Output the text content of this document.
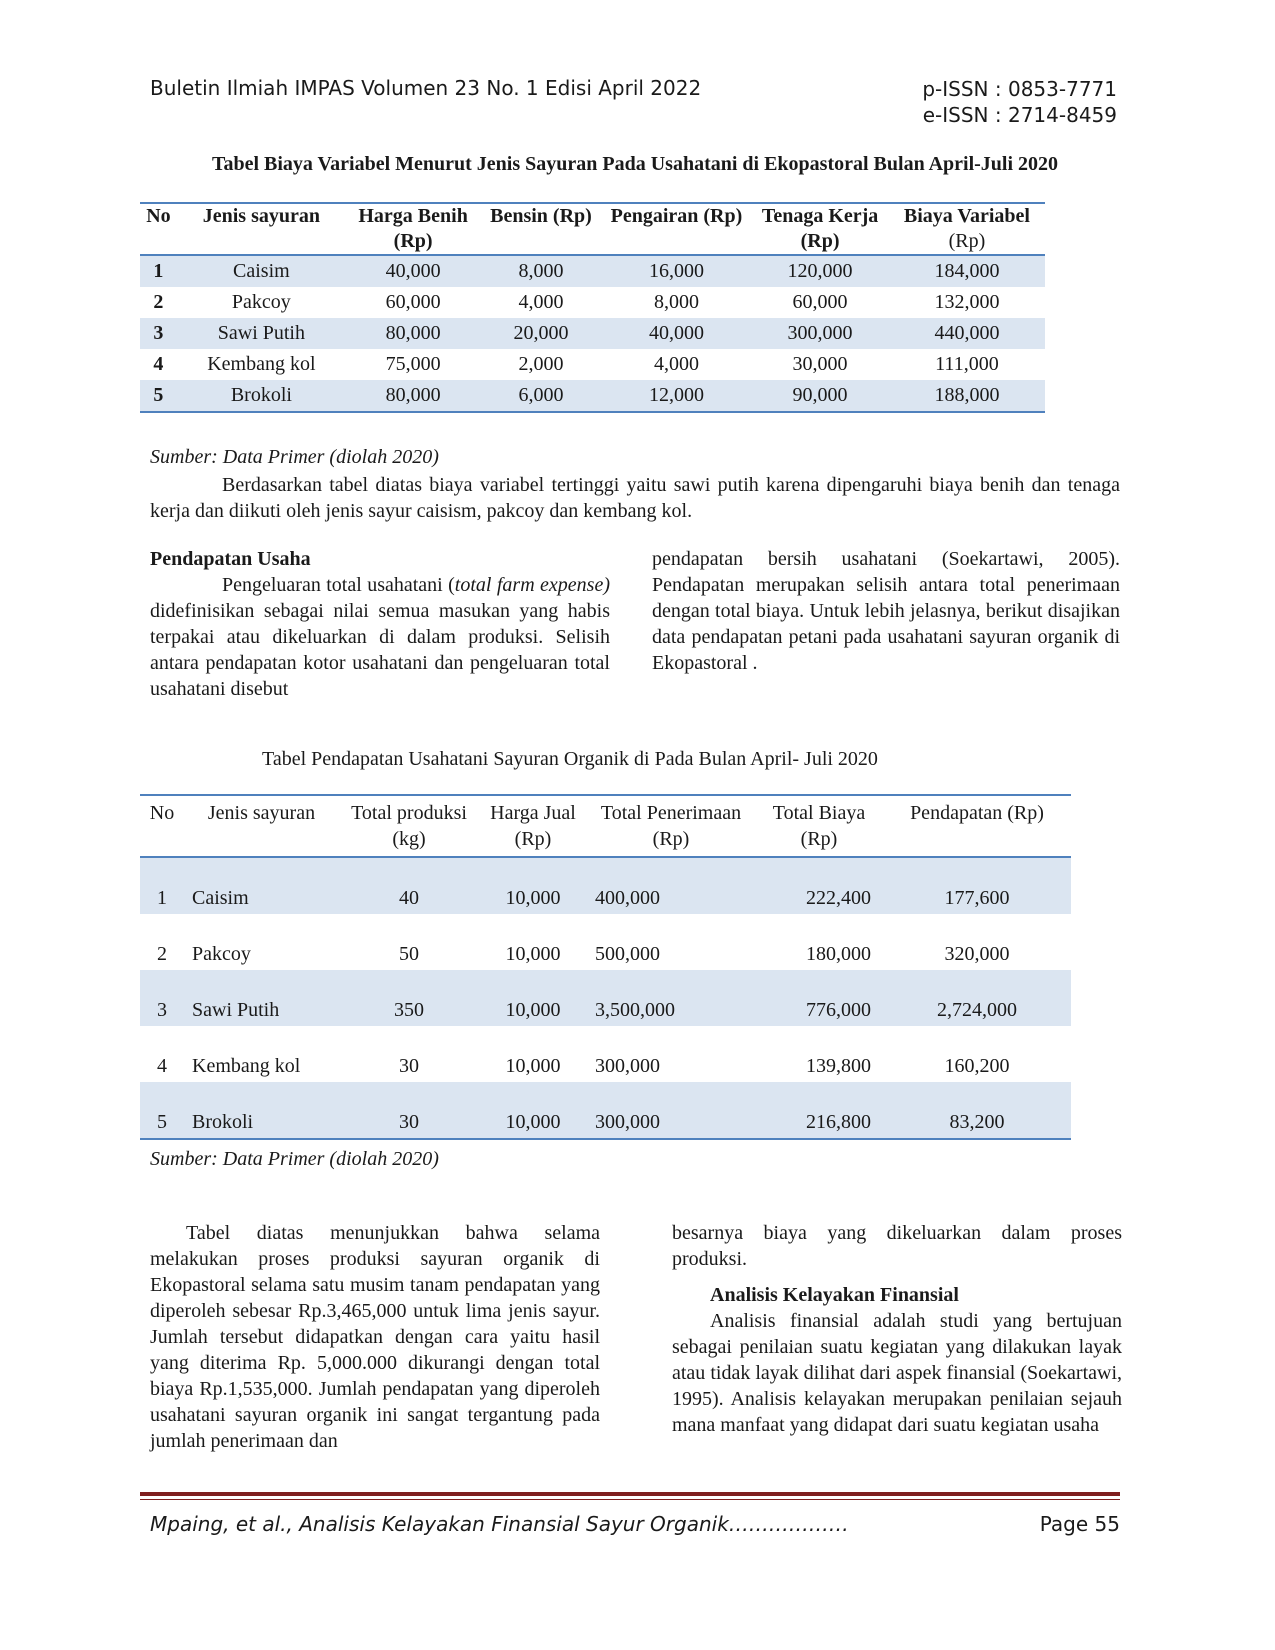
Buletin Ilmiah IMPAS Volumen 23 No. 1 Edisi April 2022	p-ISSN : 0853-7771
e-ISSN : 2714-8459
Tabel Biaya Variabel Menurut Jenis Sayuran Pada Usahatani di Ekopastoral Bulan April-Juli 2020
No	Jenis sayuran	Harga Benih (Rp)	Bensin (Rp)	Pengairan (Rp)	Tenaga Kerja (Rp)	Biaya Variabel
(Rp)

1	Caisim	40,000	8,000	16,000	120,000	184,000
2	Pakcoy	60,000	4,000	8,000	60,000	132,000
3	Sawi Putih	80,000	20,000	40,000	300,000	440,000
4	Kembang kol	75,000	2,000	4,000	30,000	111,000
5	Brokoli	80,000	6,000	12,000	90,000	188,000
Sumber: Data Primer (diolah 2020)
Berdasarkan tabel diatas biaya variabel tertinggi yaitu sawi putih karena dipengaruhi biaya benih dan tenaga kerja dan diikuti oleh jenis sayur caisism, pakcoy dan kembang kol.
Pendapatan Usaha
Pengeluaran total usahatani (total farm expense) didefinisikan sebagai nilai semua masukan yang habis terpakai atau dikeluarkan di dalam produksi. Selisih antara pendapatan kotor usahatani dan pengeluaran total usahatani disebut
pendapatan bersih usahatani (Soekartawi, 2005). Pendapatan merupakan selisih antara total penerimaan dengan total biaya. Untuk lebih jelasnya, berikut disajikan data pendapatan petani pada usahatani sayuran organik di Ekopastoral .
Tabel Pendapatan Usahatani Sayuran Organik di Pada Bulan April- Juli 2020
No	Jenis sayuran	Total produksi (kg)	Harga Jual (Rp)	Total Penerimaan (Rp)	Total Biaya (Rp)	Pendapatan (Rp)
1	Caisim	40	10,000	400,000	222,400	177,600
2	Pakcoy	50	10,000	500,000	180,000	320,000
3	Sawi Putih	350	10,000	3,500,000	776,000	2,724,000
4	Kembang kol	30	10,000	300,000	139,800	160,200
5	Brokoli	30	10,000	300,000	216,800	83,200
Sumber: Data Primer (diolah 2020)
Tabel diatas menunjukkan bahwa selama melakukan proses produksi sayuran organik di Ekopastoral selama satu musim tanam pendapatan yang diperoleh sebesar Rp.3,465,000 untuk lima jenis sayur. Jumlah tersebut didapatkan dengan cara yaitu hasil yang diterima Rp. 5,000.000 dikurangi dengan total biaya Rp.1,535,000. Jumlah pendapatan yang diperoleh usahatani sayuran organik ini sangat tergantung pada jumlah penerimaan dan
besarnya biaya yang dikeluarkan dalam proses produksi.
Analisis Kelayakan Finansial
Analisis finansial adalah studi yang bertujuan sebagai penilaian suatu kegiatan yang dilakukan layak atau tidak layak dilihat dari aspek finansial (Soekartawi, 1995). Analisis kelayakan merupakan penilaian sejauh mana manfaat yang didapat dari suatu kegiatan usaha
Mpaing, et al., Analisis Kelayakan Finansial Sayur Organik………………	Page 55
